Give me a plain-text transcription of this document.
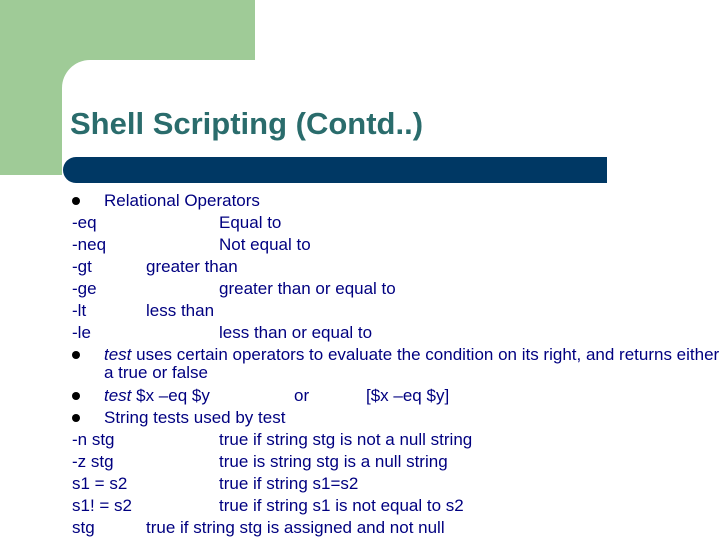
Shell Scripting (Contd..)
Relational Operators
-eq	Equal to
-neq	Not equal to
-gt	greater than
-ge	greater than or equal to
-lt	less than
-le	less than or equal to
test uses certain operators to evaluate the condition on its right, and returns either a true or false
test $x –eq $y	or	[$x –eq $y]
String tests used by test
-n stg	true if string stg is not a null string
-z stg	true is string stg is a null string
s1 = s2	true if string s1=s2
s1! = s2	true if string s1 is not equal to s2
stg	true if string stg is assigned and not null
